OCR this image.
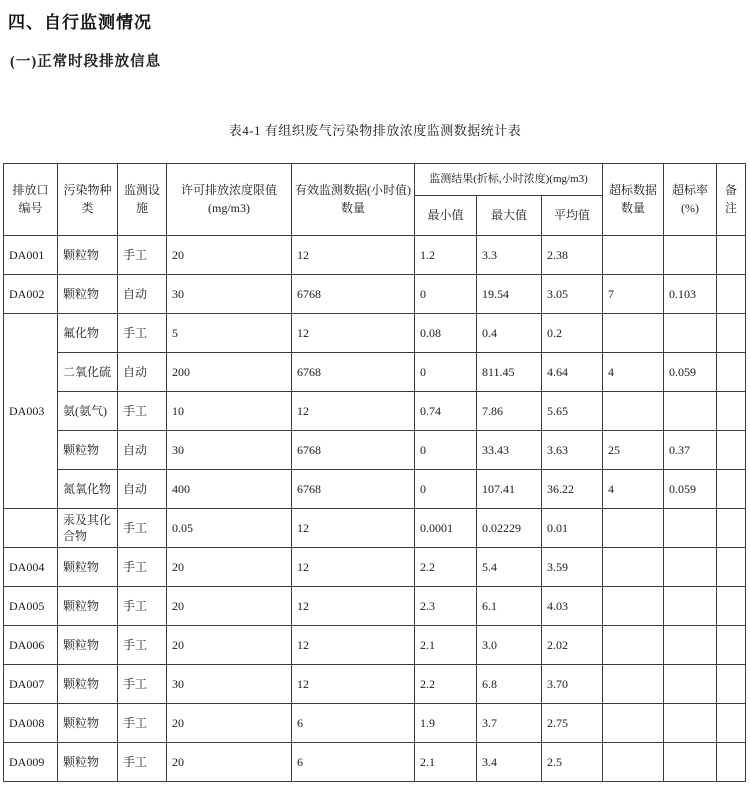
四、自行监测情况
(一)正常时段排放信息
表4-1 有组织废气污染物排放浓度监测数据统计表
排放口编号	污染物种类	监测设施	许可排放浓度限值 (mg/m3)	有效监测数据(小时值)数量	监测结果(折标,小时浓度)(mg/m3)			超标数据 数量	超标率 (%)	备注
					最小值	最大值	平均值			
DA001	颗粒物	手工	20	12	1.2	3.3	2.38			
DA002	颗粒物	自动	30	6768	0	19.54	3.05	7	0.103	
DA003	氟化物	手工	5	12	0.08	0.4	0.2			
	二氧化硫	自动	200	6768	0	811.45	4.64	4	0.059	
	氨(氨气)	手工	10	12	0.74	7.86	5.65			
	颗粒物	自动	30	6768	0	33.43	3.63	25	0.37	
	氮氧化物	自动	400	6768	0	107.41	36.22	4	0.059	
	汞及其化合物	手工	0.05	12	0.0001	0.02229	0.01			
DA004	颗粒物	手工	20	12	2.2	5.4	3.59			
DA005	颗粒物	手工	20	12	2.3	6.1	4.03			
DA006	颗粒物	手工	20	12	2.1	3.0	2.02			
DA007	颗粒物	手工	30	12	2.2	6.8	3.70			
DA008	颗粒物	手工	20	6	1.9	3.7	2.75			
DA009	颗粒物	手工	20	6	2.1	3.4	2.5			
